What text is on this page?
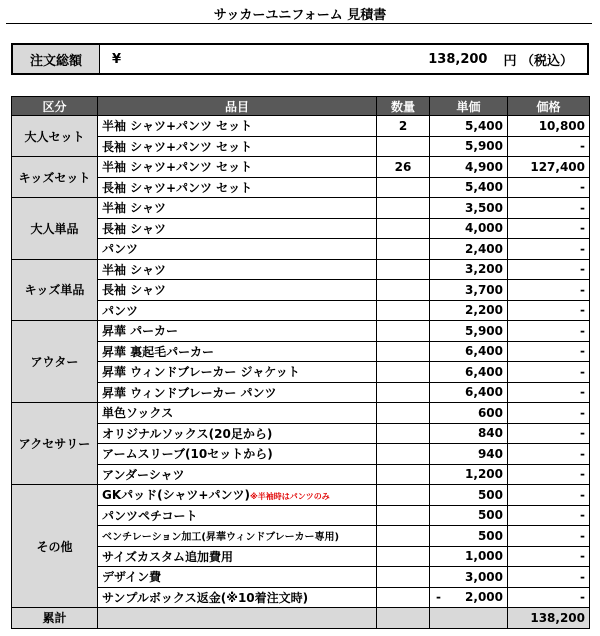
サッカーユニフォーム 見積書
注文総額	¥	138,200 円 （税込）
区分	品目	数量	単価	価格
大人セット	半袖 シャツ+パンツ セット	2	5,400	10,800
	長袖 シャツ+パンツ セット		5,900	-
キッズセット	半袖 シャツ+パンツ セット	26	4,900	127,400
	長袖 シャツ+パンツ セット		5,400	-
大人単品	半袖 シャツ		3,500	-
	長袖 シャツ		4,000	-
	パンツ		2,400	-
キッズ単品	半袖 シャツ		3,200	-
	長袖 シャツ		3,700	-
	パンツ		2,200	-
アウター	昇華 パーカー		5,900	-
	昇華 裏起毛パーカー		6,400	-
	昇華 ウィンドブレーカー ジャケット		6,400	-
	昇華 ウィンドブレーカー パンツ		6,400	-
アクセサリー	単色ソックス		600	-
	オリジナルソックス(20足から)		840	-
	アームスリーブ(10セットから)		940	-
	アンダーシャツ		1,200	-
その他	GKパッド(シャツ+パンツ)※半袖時はパンツのみ		500	-
	パンツペチコート		500	-
	ベンチレーション加工(昇華ウィンドブレーカー専用)		500	-
	サイズカスタム追加費用		1,000	-
	デザイン費		3,000	-
	サンプルボックス返金(※10着注文時)		- 2,000	-
累計				138,200
